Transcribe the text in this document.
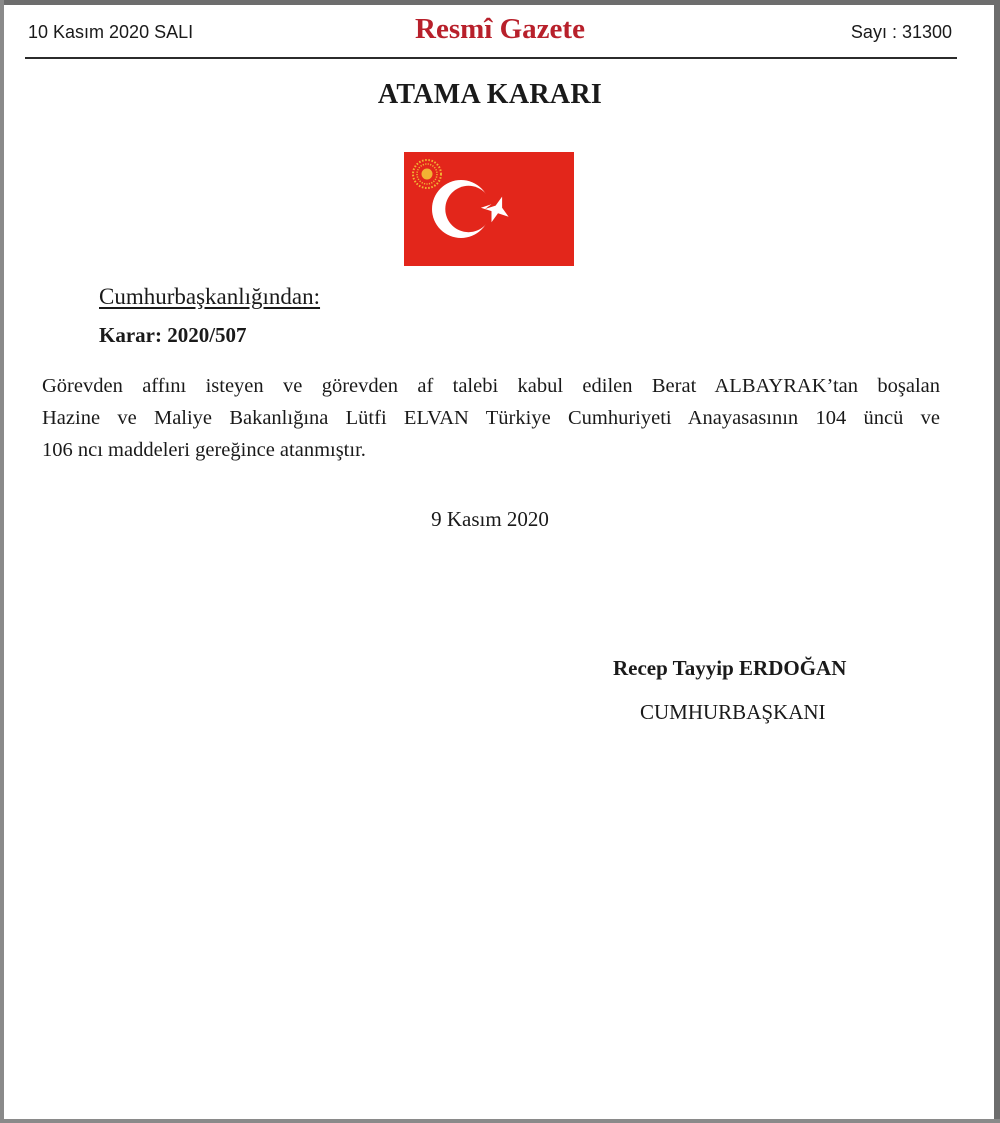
10 Kasım 2020 SALI	Resmî Gazete	Sayı : 31300
ATAMA KARARI
Cumhurbaşkanlığından:
Karar: 2020/507
Görevden affını isteyen ve görevden af talebi kabul edilen Berat ALBAYRAK’tan boşalan
Hazine ve Maliye Bakanlığına Lütfi ELVAN Türkiye Cumhuriyeti Anayasasının 104 üncü ve
106 ncı maddeleri gereğince atanmıştır.
9 Kasım 2020
Recep Tayyip ERDOĞAN
CUMHURBAŞKANI
